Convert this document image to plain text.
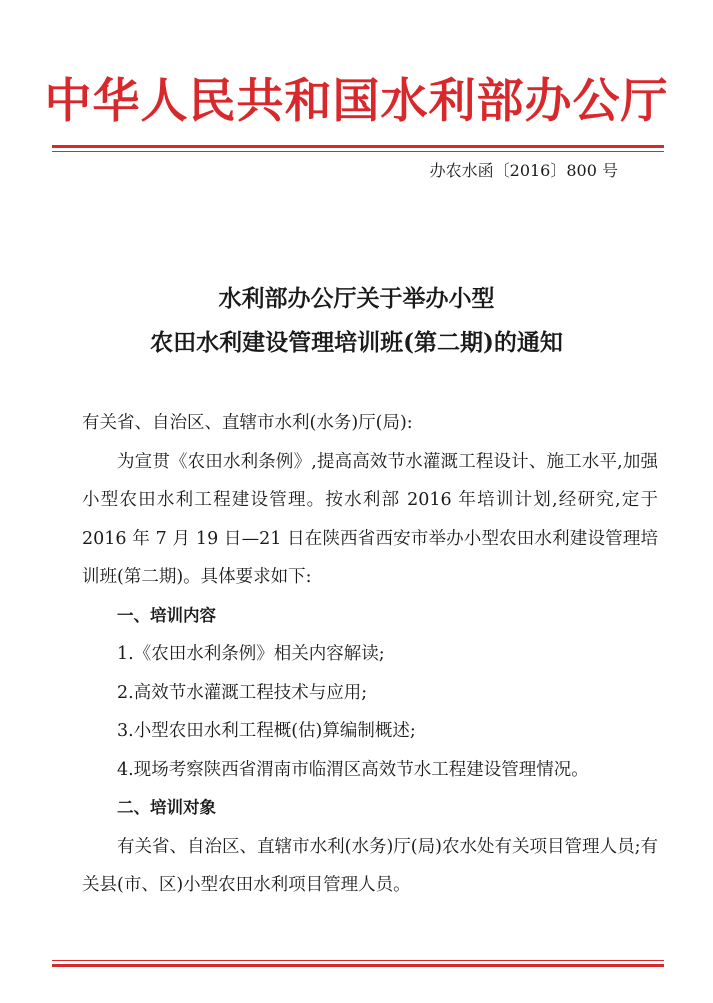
中华人民共和国水利部办公厅
办农水函〔2016〕800 号
水利部办公厅关于举办小型
农田水利建设管理培训班(第二期)的通知

有关省、自治区、直辖市水利(水务)厅(局):

为宣贯《农田水利条例》,提高高效节水灌溉工程设计、施工水平,加强小型农田水利工程建设管理。按水利部 2016 年培训计划,经研究,定于 2016 年 7 月 19 日—21 日在陕西省西安市举办小型农田水利建设管理培训班(第二期)。具体要求如下:

一、培训内容

1.《农田水利条例》相关内容解读;

2.高效节水灌溉工程技术与应用;

3.小型农田水利工程概(估)算编制概述;

4.现场考察陕西省渭南市临渭区高效节水工程建设管理情况。

二、培训对象

有关省、自治区、直辖市水利(水务)厅(局)农水处有关项目管理人员;有关县(市、区)小型农田水利项目管理人员。
